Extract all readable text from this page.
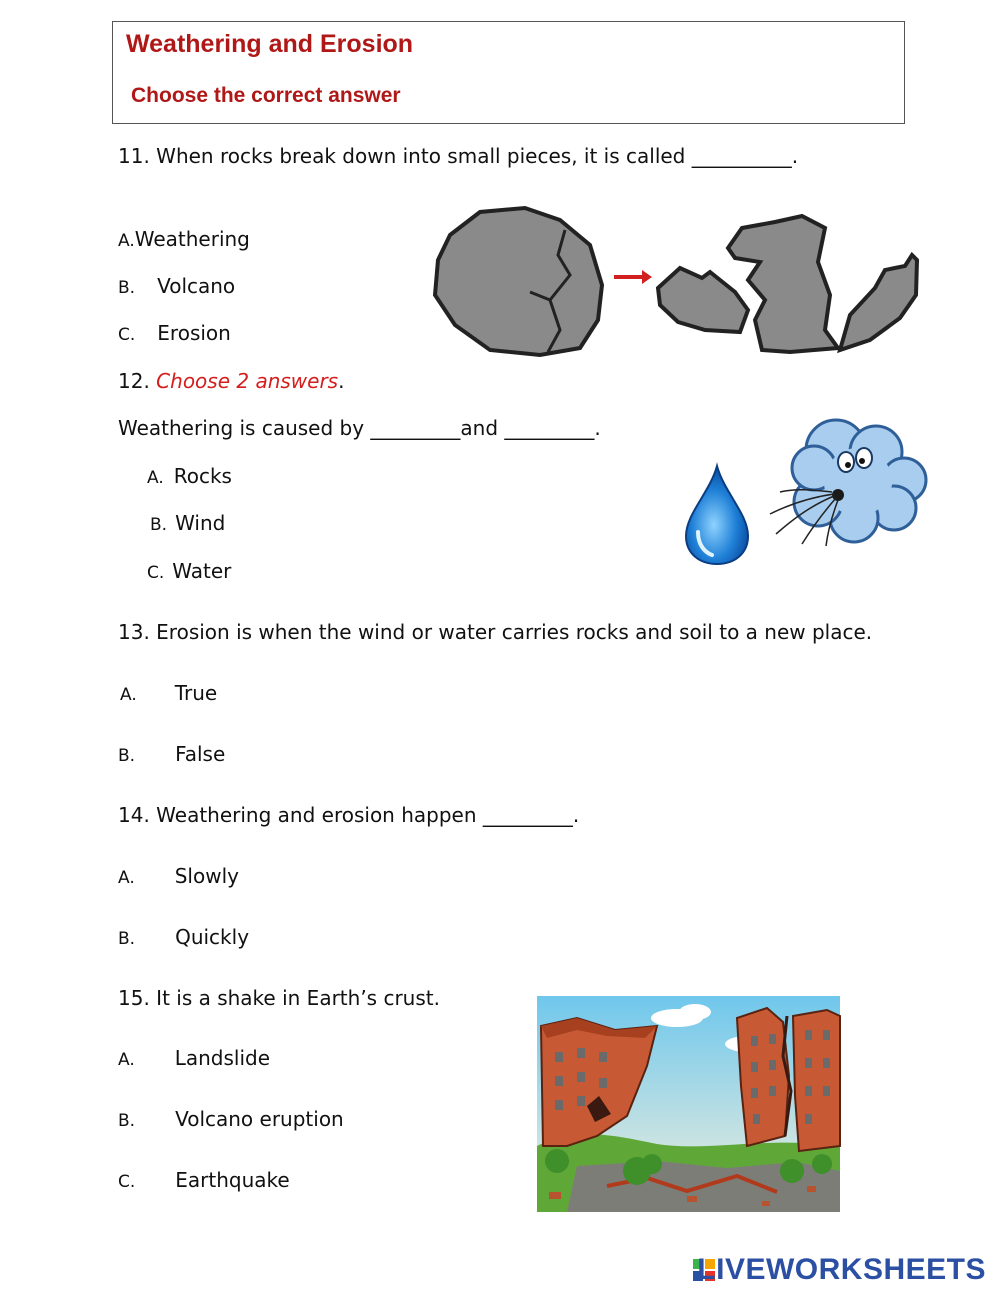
Weathering and Erosion
Choose the correct answer
11. When rocks break down into small pieces, it is called __________.
A.Weathering
B. Volcano
C. Erosion
12. Choose 2 answers.
Weathering is caused by _________and _________.
A. Rocks
B. Wind
C. Water
13. Erosion is when the wind or water carries rocks and soil to a new place.
A. True
B. False
14. Weathering and erosion happen _________.
A. Slowly
B. Quickly
15. It is a shake in Earth’s crust.
A. Landslide
B. Volcano eruption
C. Earthquake
LIVEWORKSHEETS
